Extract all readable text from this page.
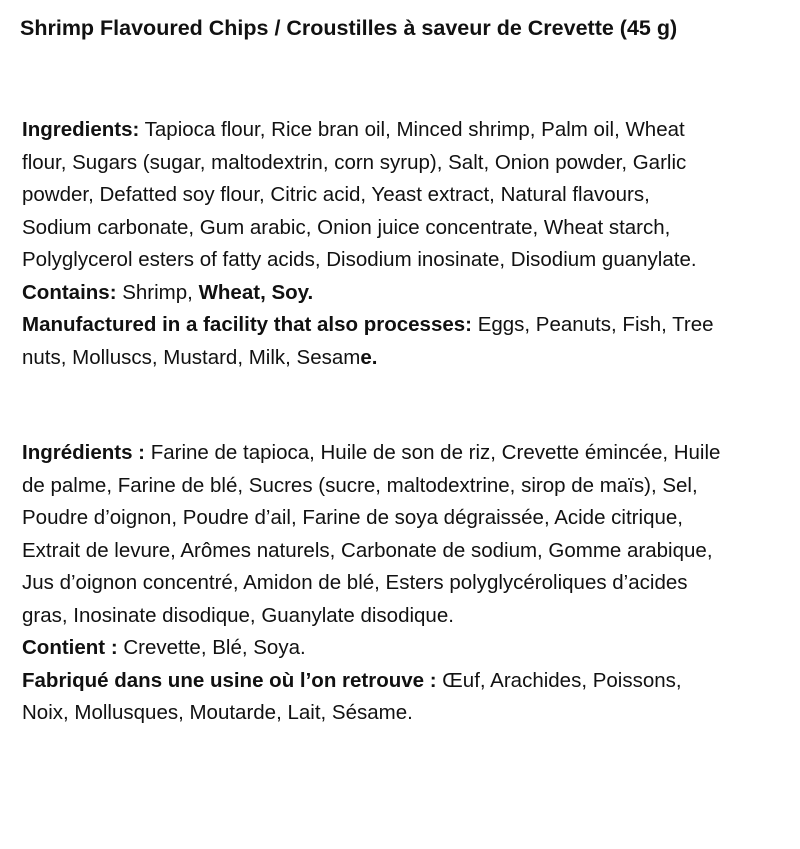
Shrimp Flavoured Chips / Croustilles à saveur de Crevette (45 g)

Ingredients: Tapioca flour, Rice bran oil, Minced shrimp, Palm oil, Wheat flour, Sugars (sugar, maltodextrin, corn syrup), Salt, Onion powder, Garlic powder, Defatted soy flour, Citric acid, Yeast extract, Natural flavours, Sodium carbonate, Gum arabic, Onion juice concentrate, Wheat starch, Polyglycerol esters of fatty acids, Disodium inosinate, Disodium guanylate.

Contains: Shrimp, Wheat, Soy.

Manufactured in a facility that also processes: Eggs, Peanuts, Fish, Tree nuts, Molluscs, Mustard, Milk, Sesame.

Ingrédients : Farine de tapioca, Huile de son de riz, Crevette émincée, Huile de palme, Farine de blé, Sucres (sucre, maltodextrine, sirop de maïs), Sel, Poudre d’oignon, Poudre d’ail, Farine de soya dégraissée, Acide citrique, Extrait de levure, Arômes naturels, Carbonate de sodium, Gomme arabique, Jus d’oignon concentré, Amidon de blé, Esters polyglycéroliques d’acides gras, Inosinate disodique, Guanylate disodique.

Contient : Crevette, Blé, Soya.

Fabriqué dans une usine où l’on retrouve : Œuf, Arachides, Poissons, Noix, Mollusques, Moutarde, Lait, Sésame.
